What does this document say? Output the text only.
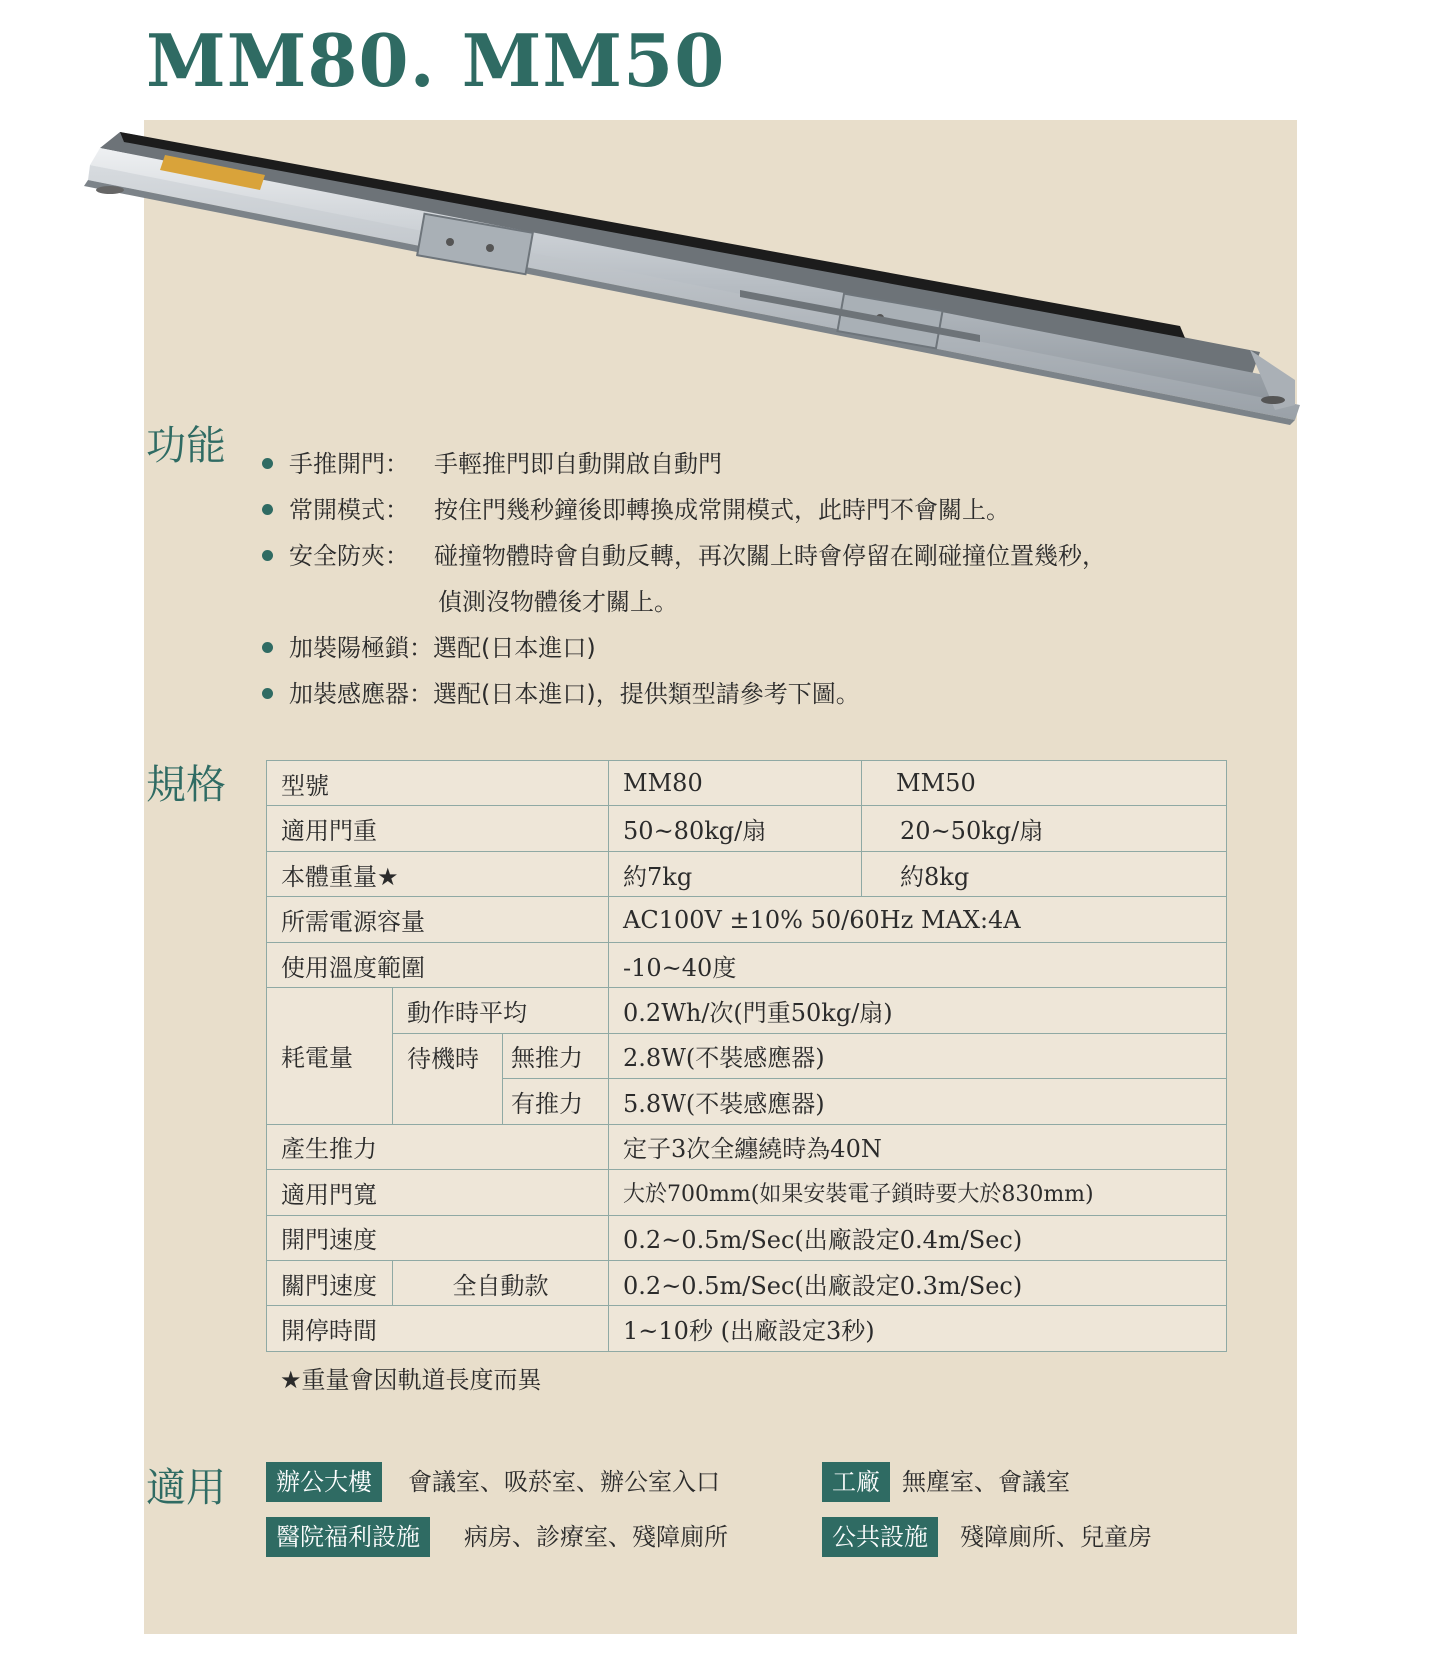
MM80. MM50
功能	手推開門： 手輕推門即自動開啟自動門
常開模式： 按住門幾秒鐘後即轉換成常開模式，此時門不會關上。
安全防夾： 碰撞物體時會自動反轉，再次關上時會停留在剛碰撞位置幾秒，
偵測沒物體後才關上。
加裝陽極鎖：選配(日本進口)
加裝感應器：選配(日本進口)，提供類型請參考下圖。
規格 型號			MM80	MM50
適用門重			50~80kg/扇	20~50kg/扇
本體重量★			約7kg	約8kg
所需電源容量			AC100V ±10% 50/60Hz MAX:4A	
使用溫度範圍			-10~40度	
耗電量	動作時平均		0.2Wh/次(門重50kg/扇)	
	待機時	無推力	2.8W(不裝感應器)	
		有推力	5.8W(不裝感應器)	
產生推力			定子3次全纏繞時為40N	
適用門寬			大於700mm(如果安裝電子鎖時要大於830mm)	
開門速度			0.2~0.5m/Sec(出廠設定0.4m/Sec)	
關門速度	全自動款		0.2~0.5m/Sec(出廠設定0.3m/Sec)	
開停時間			1~10秒 (出廠設定3秒)	
★重量會因軌道長度而異
適用	辦公大樓	會議室、吸菸室、辦公室入口	工廠 無塵室、會議室
醫院福利設施	病房、診療室、殘障廁所	公共設施	殘障廁所、兒童房
